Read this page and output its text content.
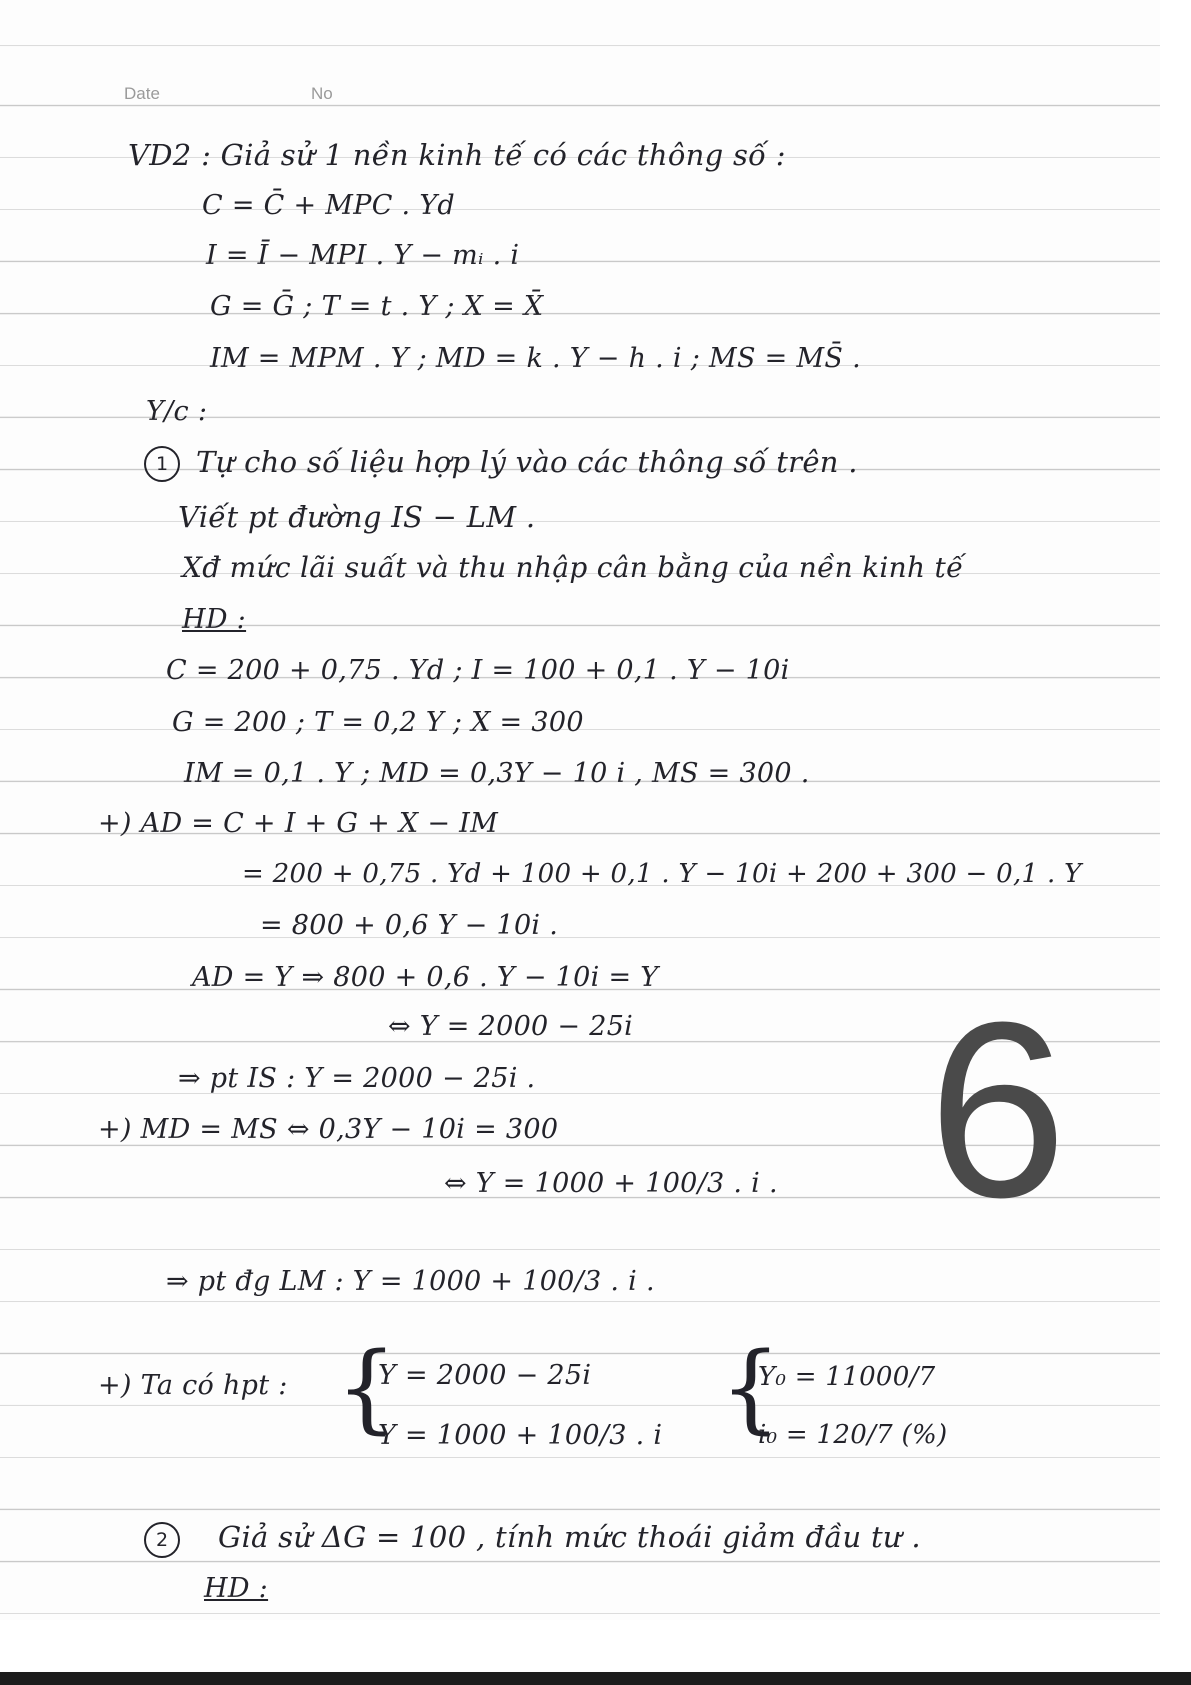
Date	No
6
VD2 : Giả sử 1 nền kinh tế có các thông số :
C = C̄ + MPC . Yd
I = Ī − MPI . Y − mᵢ . i
G = Ḡ ; T = t . Y ; X = X̄
IM = MPM . Y ; MD = k . Y − h . i ; MS = MS̄ .
Y/c :
1 Tự cho số liệu hợp lý vào các thông số trên .
Viết pt đường IS − LM .
Xđ mức lãi suất và thu nhập cân bằng của nền kinh tế
HD :
C = 200 + 0,75 . Yd ; I = 100 + 0,1 . Y − 10i
G = 200 ; T = 0,2 Y ; X = 300
IM = 0,1 . Y ; MD = 0,3Y − 10 i , MS = 300 .
+) AD = C + I + G + X − IM
= 200 + 0,75 . Yd + 100 + 0,1 . Y − 10i + 200 + 300 − 0,1 . Y
= 800 + 0,6 Y − 10i .
AD = Y ⇒ 800 + 0,6 . Y − 10i = Y
⇔ Y = 2000 − 25i
⇒ pt IS : Y = 2000 − 25i .
+) MD = MS ⇔ 0,3Y − 10i = 300
⇔ Y = 1000 + 100/3 . i .
⇒ pt đg LM : Y = 1000 + 100/3 . i .
+) Ta có hpt : {
Y = 2000 − 25i
Y = 1000 + 100/3 . i {
Y₀ = 11000/7
i₀ = 120/7 (%)
2	Giả sử ΔG = 100 , tính mức thoái giảm đầu tư .
HD :
